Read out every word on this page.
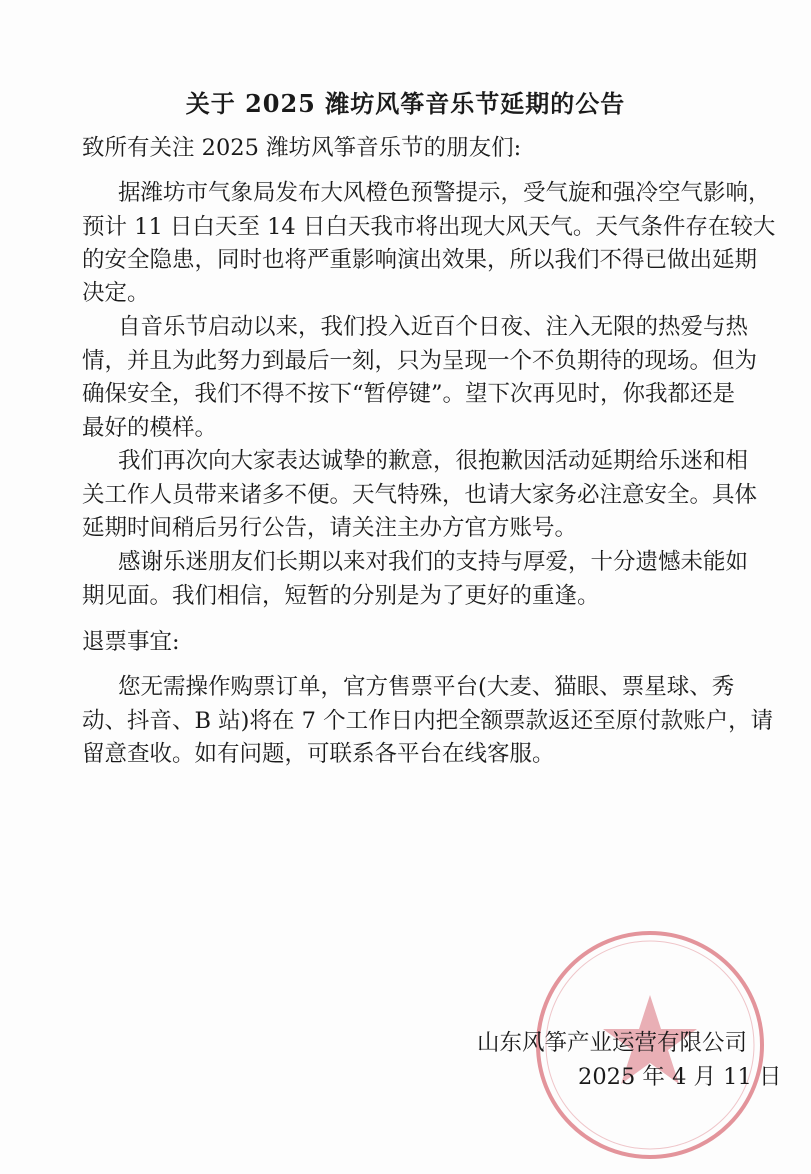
关于 2025 潍坊风筝音乐节延期的公告
致所有关注 2025 潍坊风筝音乐节的朋友们:
据潍坊市气象局发布大风橙色预警提示，受气旋和强冷空气影响，
预计 11 日白天至 14 日白天我市将出现大风天气。天气条件存在较大
的安全隐患，同时也将严重影响演出效果，所以我们不得已做出延期
决定。
自音乐节启动以来，我们投入近百个日夜、注入无限的热爱与热
情，并且为此努力到最后一刻，只为呈现一个不负期待的现场。但为
确保安全，我们不得不按下“暂停键”。望下次再见时，你我都还是
最好的模样。
我们再次向大家表达诚挚的歉意，很抱歉因活动延期给乐迷和相
关工作人员带来诸多不便。天气特殊，也请大家务必注意安全。具体
延期时间稍后另行公告，请关注主办方官方账号。
感谢乐迷朋友们长期以来对我们的支持与厚爱，十分遗憾未能如
期见面。我们相信，短暂的分别是为了更好的重逢。
退票事宜:
您无需操作购票订单，官方售票平台(大麦、猫眼、票星球、秀
动、抖音、B 站)将在 7 个工作日内把全额票款返还至原付款账户，请
留意查收。如有问题，可联系各平台在线客服。
山东风筝产业运营有限公司
2025 年 4 月 11 日
